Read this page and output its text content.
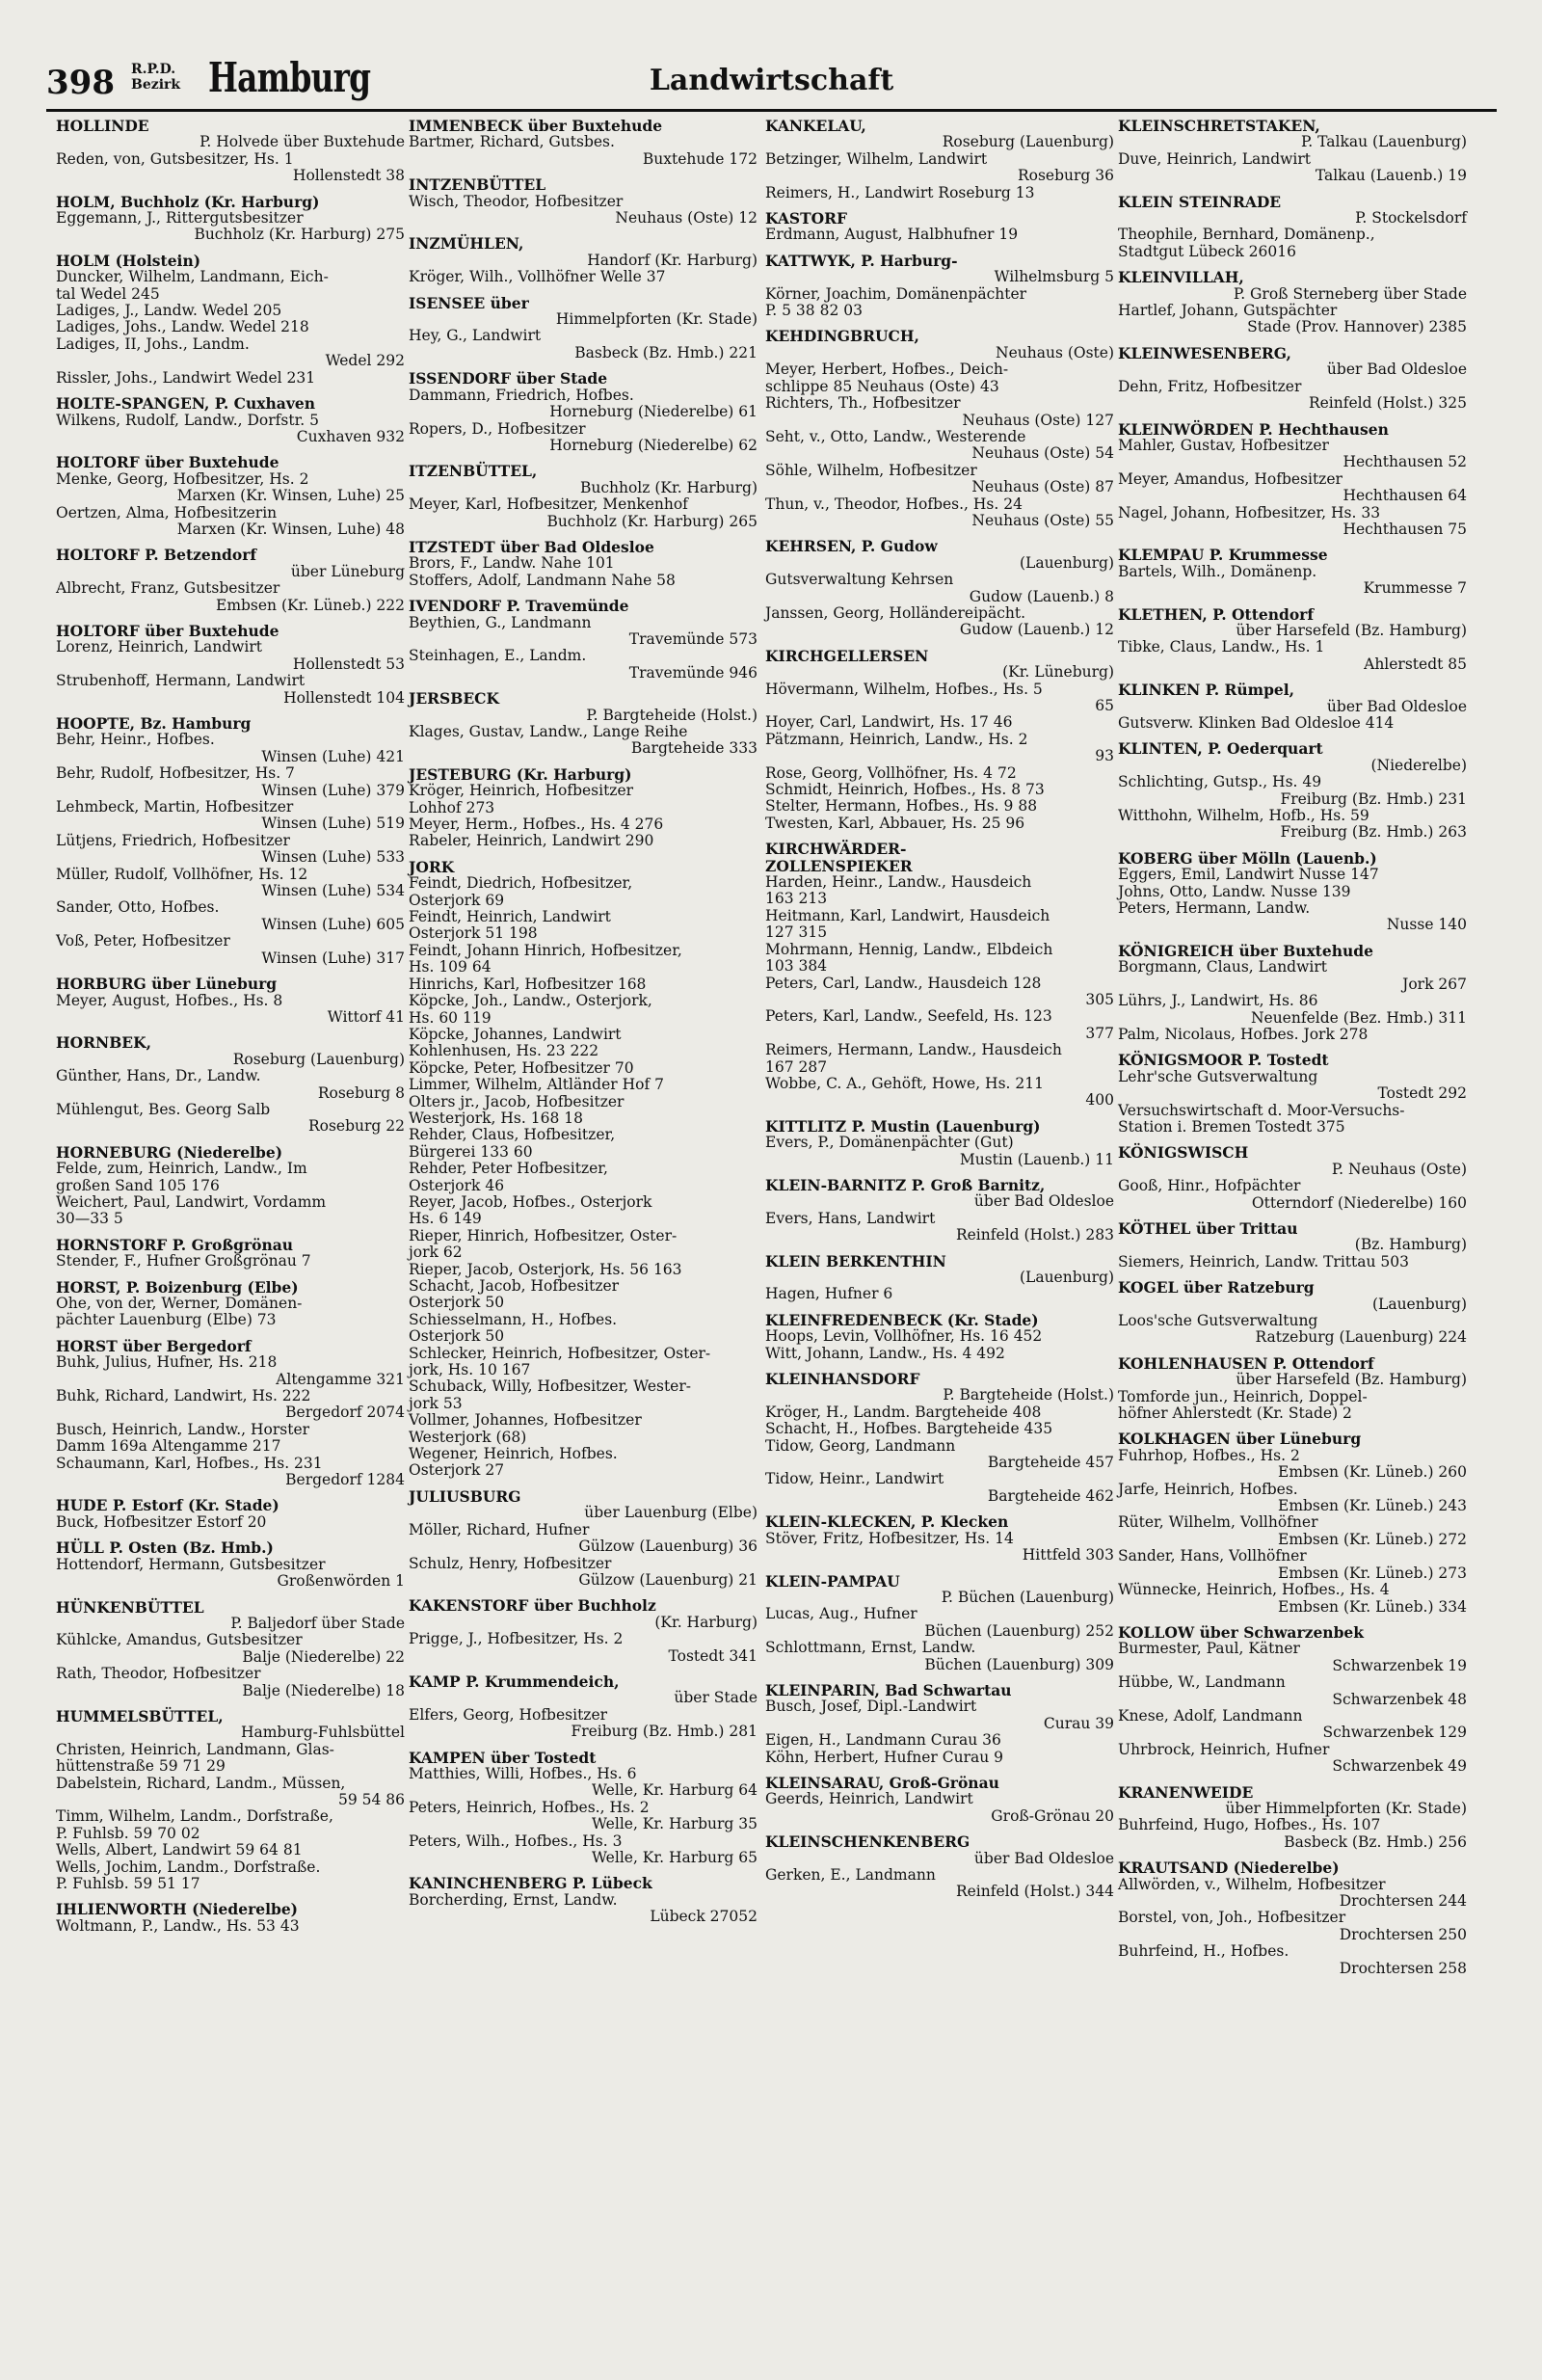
398 R.P.D.
Bezirk Hamburg	Landwirtschaft
HOLLINDE
P. Holvede über Buxtehude
Reden, von, Gutsbesitzer, Hs. 1
Hollenstedt 38
HOLM, Buchholz (Kr. Harburg)
Eggemann, J., Rittergutsbesitzer
Buchholz (Kr. Harburg) 275
HOLM (Holstein)
Duncker, Wilhelm, Landmann, Eich-
tal Wedel 245
Ladiges, J., Landw. Wedel 205
Ladiges, Johs., Landw. Wedel 218
Ladiges, II, Johs., Landm.
Wedel 292
Rissler, Johs., Landwirt Wedel 231
HOLTE-SPANGEN, P. Cuxhaven
Wilkens, Rudolf, Landw., Dorfstr. 5
Cuxhaven 932
HOLTORF über Buxtehude
Menke, Georg, Hofbesitzer, Hs. 2
Marxen (Kr. Winsen, Luhe) 25
Oertzen, Alma, Hofbesitzerin
Marxen (Kr. Winsen, Luhe) 48
HOLTORF P. Betzendorf
über Lüneburg
Albrecht, Franz, Gutsbesitzer
Embsen (Kr. Lüneb.) 222
HOLTORF über Buxtehude
Lorenz, Heinrich, Landwirt
Hollenstedt 53
Strubenhoff, Hermann, Landwirt
Hollenstedt 104
HOOPTE, Bz. Hamburg
Behr, Heinr., Hofbes.
Winsen (Luhe) 421
Behr, Rudolf, Hofbesitzer, Hs. 7
Winsen (Luhe) 379
Lehmbeck, Martin, Hofbesitzer
Winsen (Luhe) 519
Lütjens, Friedrich, Hofbesitzer
Winsen (Luhe) 533
Müller, Rudolf, Vollhöfner, Hs. 12
Winsen (Luhe) 534
Sander, Otto, Hofbes.
Winsen (Luhe) 605
Voß, Peter, Hofbesitzer
Winsen (Luhe) 317
HORBURG über Lüneburg
Meyer, August, Hofbes., Hs. 8
Wittorf 41
HORNBEK,
Roseburg (Lauenburg)
Günther, Hans, Dr., Landw.
Roseburg 8
Mühlengut, Bes. Georg Salb
Roseburg 22
HORNEBURG (Niederelbe)
Felde, zum, Heinrich, Landw., Im
großen Sand 105 176
Weichert, Paul, Landwirt, Vordamm
30—33 5
HORNSTORF P. Großgrönau
Stender, F., Hufner Großgrönau 7
HORST, P. Boizenburg (Elbe)
Ohe, von der, Werner, Domänen-
pächter Lauenburg (Elbe) 73
HORST über Bergedorf
Buhk, Julius, Hufner, Hs. 218
Altengamme 321
Buhk, Richard, Landwirt, Hs. 222
Bergedorf 2074
Busch, Heinrich, Landw., Horster
Damm 169a Altengamme 217
Schaumann, Karl, Hofbes., Hs. 231
Bergedorf 1284
HUDE P. Estorf (Kr. Stade)
Buck, Hofbesitzer Estorf 20
HÜLL P. Osten (Bz. Hmb.)
Hottendorf, Hermann, Gutsbesitzer
Großenwörden 1
HÜNKENBÜTTEL
P. Baljedorf über Stade
Kühlcke, Amandus, Gutsbesitzer
Balje (Niederelbe) 22
Rath, Theodor, Hofbesitzer
Balje (Niederelbe) 18
HUMMELSBÜTTEL,
Hamburg-Fuhlsbüttel
Christen, Heinrich, Landmann, Glas-
hüttenstraße 59 71 29
Dabelstein, Richard, Landm., Müssen,
59 54 86
Timm, Wilhelm, Landm., Dorfstraße,
P. Fuhlsb. 59 70 02
Wells, Albert, Landwirt 59 64 81
Wells, Jochim, Landm., Dorfstraße.
P. Fuhlsb. 59 51 17
IHLIENWORTH (Niederelbe)
Woltmann, P., Landw., Hs. 53 43
IMMENBECK über Buxtehude
Bartmer, Richard, Gutsbes.
Buxtehude 172
INTZENBÜTTEL
Wisch, Theodor, Hofbesitzer
Neuhaus (Oste) 12
INZMÜHLEN,
Handorf (Kr. Harburg)
Kröger, Wilh., Vollhöfner Welle 37
ISENSEE über
Himmelpforten (Kr. Stade)
Hey, G., Landwirt
Basbeck (Bz. Hmb.) 221
ISSENDORF über Stade
Dammann, Friedrich, Hofbes.
Horneburg (Niederelbe) 61
Ropers, D., Hofbesitzer
Horneburg (Niederelbe) 62
ITZENBÜTTEL,
Buchholz (Kr. Harburg)
Meyer, Karl, Hofbesitzer, Menkenhof
Buchholz (Kr. Harburg) 265
ITZSTEDT über Bad Oldesloe
Brors, F., Landw. Nahe 101
Stoffers, Adolf, Landmann Nahe 58
IVENDORF P. Travemünde
Beythien, G., Landmann
Travemünde 573
Steinhagen, E., Landm.
Travemünde 946
JERSBECK
P. Bargteheide (Holst.)
Klages, Gustav, Landw., Lange Reihe
Bargteheide 333
JESTEBURG (Kr. Harburg)
Kröger, Heinrich, Hofbesitzer
Lohhof 273
Meyer, Herm., Hofbes., Hs. 4 276
Rabeler, Heinrich, Landwirt 290
JORK
Feindt, Diedrich, Hofbesitzer,
Osterjork 69
Feindt, Heinrich, Landwirt
Osterjork 51 198
Feindt, Johann Hinrich, Hofbesitzer,
Hs. 109 64
Hinrichs, Karl, Hofbesitzer 168
Köpcke, Joh., Landw., Osterjork,
Hs. 60 119
Köpcke, Johannes, Landwirt
Kohlenhusen, Hs. 23 222
Köpcke, Peter, Hofbesitzer 70
Limmer, Wilhelm, Altländer Hof 7
Olters jr., Jacob, Hofbesitzer
Westerjork, Hs. 168 18
Rehder, Claus, Hofbesitzer,
Bürgerei 133 60
Rehder, Peter Hofbesitzer,
Osterjork 46
Reyer, Jacob, Hofbes., Osterjork
Hs. 6 149
Rieper, Hinrich, Hofbesitzer, Oster-
jork 62
Rieper, Jacob, Osterjork, Hs. 56 163
Schacht, Jacob, Hofbesitzer
Osterjork 50
Schiesselmann, H., Hofbes.
Osterjork 50
Schlecker, Heinrich, Hofbesitzer, Oster-
jork, Hs. 10 167
Schuback, Willy, Hofbesitzer, Wester-
jork 53
Vollmer, Johannes, Hofbesitzer
Westerjork (68)
Wegener, Heinrich, Hofbes.
Osterjork 27
JULIUSBURG
über Lauenburg (Elbe)
Möller, Richard, Hufner
Gülzow (Lauenburg) 36
Schulz, Henry, Hofbesitzer
Gülzow (Lauenburg) 21
KAKENSTORF über Buchholz
(Kr. Harburg)
Prigge, J., Hofbesitzer, Hs. 2
Tostedt 341
KAMP P. Krummendeich,
über Stade
Elfers, Georg, Hofbesitzer
Freiburg (Bz. Hmb.) 281
KAMPEN über Tostedt
Matthies, Willi, Hofbes., Hs. 6
Welle, Kr. Harburg 64
Peters, Heinrich, Hofbes., Hs. 2
Welle, Kr. Harburg 35
Peters, Wilh., Hofbes., Hs. 3
Welle, Kr. Harburg 65
KANINCHENBERG P. Lübeck
Borcherding, Ernst, Landw.
Lübeck 27052
KANKELAU,
Roseburg (Lauenburg)
Betzinger, Wilhelm, Landwirt
Roseburg 36
Reimers, H., Landwirt Roseburg 13
KASTORF
Erdmann, August, Halbhufner 19
KATTWYK, P. Harburg-
Wilhelmsburg 5
Körner, Joachim, Domänenpächter
P. 5 38 82 03
KEHDINGBRUCH,
Neuhaus (Oste)
Meyer, Herbert, Hofbes., Deich-
schlippe 85 Neuhaus (Oste) 43
Richters, Th., Hofbesitzer
Neuhaus (Oste) 127
Seht, v., Otto, Landw., Westerende
Neuhaus (Oste) 54
Söhle, Wilhelm, Hofbesitzer
Neuhaus (Oste) 87
Thun, v., Theodor, Hofbes., Hs. 24
Neuhaus (Oste) 55
KEHRSEN, P. Gudow
(Lauenburg)
Gutsverwaltung Kehrsen
Gudow (Lauenb.) 8
Janssen, Georg, Holländereipächt.
Gudow (Lauenb.) 12
KIRCHGELLERSEN
(Kr. Lüneburg)
Hövermann, Wilhelm, Hofbes., Hs. 5
65
Hoyer, Carl, Landwirt, Hs. 17 46
Pätzmann, Heinrich, Landw., Hs. 2
93
Rose, Georg, Vollhöfner, Hs. 4 72
Schmidt, Heinrich, Hofbes., Hs. 8 73
Stelter, Hermann, Hofbes., Hs. 9 88
Twesten, Karl, Abbauer, Hs. 25 96
KIRCHWÄRDER-
ZOLLENSPIEKER
Harden, Heinr., Landw., Hausdeich
163 213
Heitmann, Karl, Landwirt, Hausdeich
127 315
Mohrmann, Hennig, Landw., Elbdeich
103 384
Peters, Carl, Landw., Hausdeich 128
305
Peters, Karl, Landw., Seefeld, Hs. 123
377
Reimers, Hermann, Landw., Hausdeich
167 287
Wobbe, C. A., Gehöft, Howe, Hs. 211
400
KITTLITZ P. Mustin (Lauenburg)
Evers, P., Domänenpächter (Gut)
Mustin (Lauenb.) 11
KLEIN-BARNITZ P. Groß Barnitz,
über Bad Oldesloe
Evers, Hans, Landwirt
Reinfeld (Holst.) 283
KLEIN BERKENTHIN
(Lauenburg)
Hagen, Hufner 6
KLEINFREDENBECK (Kr. Stade)
Hoops, Levin, Vollhöfner, Hs. 16 452
Witt, Johann, Landw., Hs. 4 492
KLEINHANSDORF
P. Bargteheide (Holst.)
Kröger, H., Landm. Bargteheide 408
Schacht, H., Hofbes. Bargteheide 435
Tidow, Georg, Landmann
Bargteheide 457
Tidow, Heinr., Landwirt
Bargteheide 462
KLEIN-KLECKEN, P. Klecken
Stöver, Fritz, Hofbesitzer, Hs. 14
Hittfeld 303
KLEIN-PAMPAU
P. Büchen (Lauenburg)
Lucas, Aug., Hufner
Büchen (Lauenburg) 252
Schlottmann, Ernst, Landw.
Büchen (Lauenburg) 309
KLEINPARIN, Bad Schwartau
Busch, Josef, Dipl.-Landwirt
Curau 39
Eigen, H., Landmann Curau 36
Köhn, Herbert, Hufner Curau 9
KLEINSARAU, Groß-Grönau
Geerds, Heinrich, Landwirt
Groß-Grönau 20
KLEINSCHENKENBERG
über Bad Oldesloe
Gerken, E., Landmann
Reinfeld (Holst.) 344
KLEINSCHRETSTAKEN,
P. Talkau (Lauenburg)
Duve, Heinrich, Landwirt
Talkau (Lauenb.) 19
KLEIN STEINRADE
P. Stockelsdorf
Theophile, Bernhard, Domänenp.,
Stadtgut Lübeck 26016
KLEINVILLAH,
P. Groß Sterneberg über Stade
Hartlef, Johann, Gutspächter
Stade (Prov. Hannover) 2385
KLEINWESENBERG,
über Bad Oldesloe
Dehn, Fritz, Hofbesitzer
Reinfeld (Holst.) 325
KLEINWÖRDEN P. Hechthausen
Mahler, Gustav, Hofbesitzer
Hechthausen 52
Meyer, Amandus, Hofbesitzer
Hechthausen 64
Nagel, Johann, Hofbesitzer, Hs. 33
Hechthausen 75
KLEMPAU P. Krummesse
Bartels, Wilh., Domänenp.
Krummesse 7
KLETHEN, P. Ottendorf
über Harsefeld (Bz. Hamburg)
Tibke, Claus, Landw., Hs. 1
Ahlerstedt 85
KLINKEN P. Rümpel,
über Bad Oldesloe
Gutsverw. Klinken Bad Oldesloe 414
KLINTEN, P. Oederquart
(Niederelbe)
Schlichting, Gutsp., Hs. 49
Freiburg (Bz. Hmb.) 231
Witthohn, Wilhelm, Hofb., Hs. 59
Freiburg (Bz. Hmb.) 263
KOBERG über Mölln (Lauenb.)
Eggers, Emil, Landwirt Nusse 147
Johns, Otto, Landw. Nusse 139
Peters, Hermann, Landw.
Nusse 140
KÖNIGREICH über Buxtehude
Borgmann, Claus, Landwirt
Jork 267
Lührs, J., Landwirt, Hs. 86
Neuenfelde (Bez. Hmb.) 311
Palm, Nicolaus, Hofbes. Jork 278
KÖNIGSMOOR P. Tostedt
Lehr'sche Gutsverwaltung
Tostedt 292
Versuchswirtschaft d. Moor-Versuchs-
Station i. Bremen Tostedt 375
KÖNIGSWISCH
P. Neuhaus (Oste)
Gooß, Hinr., Hofpächter
Otterndorf (Niederelbe) 160
KÖTHEL über Trittau
(Bz. Hamburg)
Siemers, Heinrich, Landw. Trittau 503
KOGEL über Ratzeburg
(Lauenburg)
Loos'sche Gutsverwaltung
Ratzeburg (Lauenburg) 224
KOHLENHAUSEN P. Ottendorf
über Harsefeld (Bz. Hamburg)
Tomforde jun., Heinrich, Doppel-
höfner Ahlerstedt (Kr. Stade) 2
KOLKHAGEN über Lüneburg
Fuhrhop, Hofbes., Hs. 2
Embsen (Kr. Lüneb.) 260
Jarfe, Heinrich, Hofbes.
Embsen (Kr. Lüneb.) 243
Rüter, Wilhelm, Vollhöfner
Embsen (Kr. Lüneb.) 272
Sander, Hans, Vollhöfner
Embsen (Kr. Lüneb.) 273
Wünnecke, Heinrich, Hofbes., Hs. 4
Embsen (Kr. Lüneb.) 334
KOLLOW über Schwarzenbek
Burmester, Paul, Kätner
Schwarzenbek 19
Hübbe, W., Landmann
Schwarzenbek 48
Knese, Adolf, Landmann
Schwarzenbek 129
Uhrbrock, Heinrich, Hufner
Schwarzenbek 49
KRANENWEIDE
über Himmelpforten (Kr. Stade)
Buhrfeind, Hugo, Hofbes., Hs. 107
Basbeck (Bz. Hmb.) 256
KRAUTSAND (Niederelbe)
Allwörden, v., Wilhelm, Hofbesitzer
Drochtersen 244
Borstel, von, Joh., Hofbesitzer
Drochtersen 250
Buhrfeind, H., Hofbes.
Drochtersen 258
